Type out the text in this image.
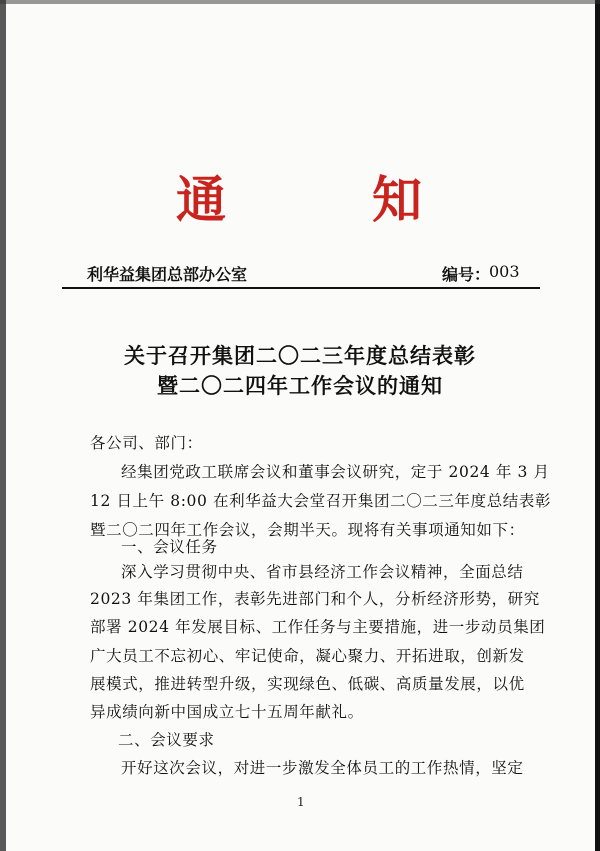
通	知
利华益集团总部办公室	编号：
003
关于召开集团二〇二三年度总结表彰
暨二〇二四年工作会议的通知
各公司、部门：
经集团党政工联席会议和董事会议研究，定于 2024 年 3 月
12 日上午 8:00 在利华益大会堂召开集团二〇二三年度总结表彰
暨二〇二四年工作会议，会期半天。现将有关事项通知如下：
一、会议任务
深入学习贯彻中央、省市县经济工作会议精神，全面总结
2023 年集团工作，表彰先进部门和个人，分析经济形势，研究
部署 2024 年发展目标、工作任务与主要措施，进一步动员集团
广大员工不忘初心、牢记使命，凝心聚力、开拓进取，创新发
展模式，推进转型升级，实现绿色、低碳、高质量发展，以优
异成绩向新中国成立七十五周年献礼。
二、会议要求
开好这次会议，对进一步激发全体员工的工作热情，坚定
1
